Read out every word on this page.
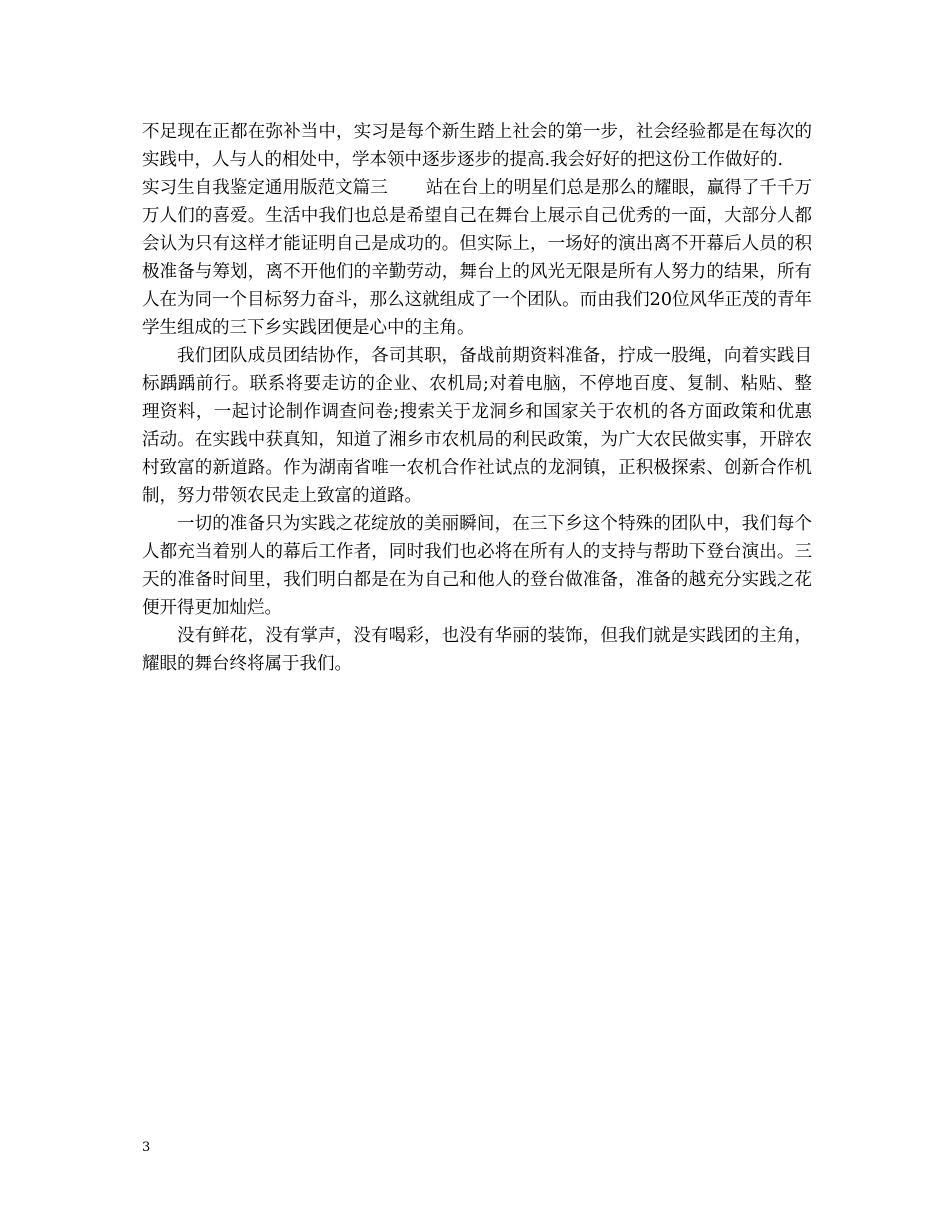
不足现在正都在弥补当中，实习是每个新生踏上社会的第一步，社会经验都是在每次的实践中，人与人的相处中，学本领中逐步逐步的提高.我会好好的把这份工作做好的.

实习生自我鉴定通用版范文篇三 站在台上的明星们总是那么的耀眼，赢得了千千万万人们的喜爱。生活中我们也总是希望自己在舞台上展示自己优秀的一面，大部分人都会认为只有这样才能证明自己是成功的。但实际上，一场好的演出离不开幕后人员的积极准备与筹划，离不开他们的辛勤劳动，舞台上的风光无限是所有人努力的结果，所有人在为同一个目标努力奋斗，那么这就组成了一个团队。而由我们20位风华正茂的青年学生组成的三下乡实践团便是心中的主角。

我们团队成员团结协作，各司其职，备战前期资料准备，拧成一股绳，向着实践目标踽踽前行。联系将要走访的企业、农机局;对着电脑，不停地百度、复制、粘贴、整理资料，一起讨论制作调查问卷;搜索关于龙洞乡和国家关于农机的各方面政策和优惠活动。在实践中获真知，知道了湘乡市农机局的利民政策，为广大农民做实事，开辟农村致富的新道路。作为湖南省唯一农机合作社试点的龙洞镇，正积极探索、创新合作机制，努力带领农民走上致富的道路。

一切的准备只为实践之花绽放的美丽瞬间，在三下乡这个特殊的团队中，我们每个人都充当着别人的幕后工作者，同时我们也必将在所有人的支持与帮助下登台演出。三天的准备时间里，我们明白都是在为自己和他人的登台做准备，准备的越充分实践之花便开得更加灿烂。

没有鲜花，没有掌声，没有喝彩，也没有华丽的装饰，但我们就是实践团的主角，耀眼的舞台终将属于我们。

3
